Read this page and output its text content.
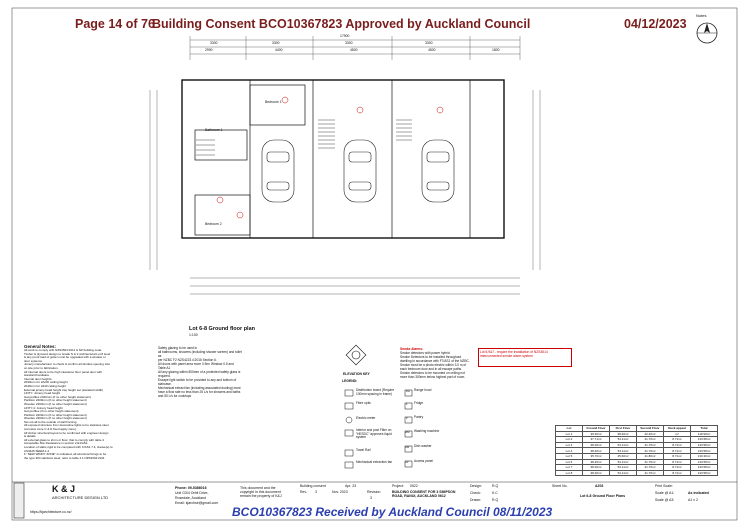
Page 14 of 76
Building Consent BCO10367823 Approved by Auckland Council	04/12/2023
Notes
17900
3300	3300	3300	3300
2990	4400	4500	4500	1800
Bedroom 1
Bathroom 1
Bedroom 2
Lot 6-8 Ground floor plan
1:100
General Notes:
All work to comply with NZS3604:2011 & NZ building code.
Timber & plywood design to Grade N & 2 architectural Lot 8 level
& any proof load of gutter must be upgraded with a window or
door systems.
Joinery manufacturer to check & confirm all window opening size
on site prior to fabrication.
All internal doors to be high clearance floor panel door with
standard hardware.
Internal door heights:
2040mm for 2A/2D ceiling height
2040mm for 2440 ceiling height
External joinery head height tray height set (standard width)
LINTY: Joinery head height
Gel-profiles 2340mm (if no other height statement)
Partition 2200mm (if no other height statement)
Wooden 2200mm (if no other height statement)
LINTY-4: Joinery head height
Gel-profiles (if no other height statement)
Partition 2200mm (if no other height statement)
Wooden 2200mm (if no other height statement)
Set out all to the outside of wall framing
All exposed structure from decorative lights to be stainless steel
corrosive zone C & D fixed apply zone).
All timber structural layout to be confirmed with engineer design
& details.
All external glass to 2mm or floor, that to comply with table 4
Acceptable Site Resistance in section 2 E1/AS1.
Location of slabs rigid to be compared with C/AS1 7.4, clause(e) to
AS4426 SEEM-1.2
F "NEW WINDY ZONE" is indicated, all structural fixings to be
the type 304 stainless steel, refer to table 4.1 NZS3604:2011
Safety glazing to be used in
all bathrooms, showers (including shower screen) and toilet as
per NZBC F2 NZS4223.4:2016 Section 6.
All doors with panel area more 0.5m² Window 0.5 and
Table A1
All any glazing within 800mm of a protected safety glass is
required.
Escape light switch to be provided to any and bottom of
staircase.
Mechanical extract fan (including associated ducting) must
have a flow rate no less than 25 L/s for showers and baths
and 50 L/s for cooktops
ELEVATION KEY
LEGEND:
Distribution board (Require 100mm spacing in frame)
Range hood
Fibre optic	Fridge
Electric meter	Pantry
Interior and post Filter on "HESDC" approves liquid system
Washing machine
Dish washer
Towel Rail
Mechanical extraction fan	Access panel
RH
F
P
WM
DW
AP
Smoke Alarms:
Smoke detectors with power hybrid
Smoke Detectors to be installed throughout
dwelling in accordance with F7/AS1 of the NZBC.
Smoke must be a photo electric within 3.0 m of
each bedroom door and in all escape paths.
Smoke detectors to be mounted on ceiling not
more than 300mm below highest part of room.
Lot 6,9&7 - require the installation of NZS4514 interconnected smoke alarm system
Lot	Ground Floor	First Floor	Second Floor	Deck appeal	Total
Lot 1	39.30m²	38.40m²	42.20m²	m²	119.90m²
Lot 2	37.71m²	54.11m²	41.76m²	8.71m²	133.58m²
Lot 3	38.20m²	54.11m²	41.76m²	8.71m²	133.58m²
Lot 4	38.20m²	54.11m²	41.76m²	8.71m²	133.58m²
Lot 5	35.70m²	45.60m²	41.80m²	8.71m²	130.30m²
Lot 6	38.20m²	54.11m²	41.76m²	8.71m²	133.58m²
Lot 7	38.20m²	54.11m²	41.76m²	8.71m²	133.58m²
Lot 8	38.20m²	54.11m²	41.76m²	8.71m²	133.58m²
K & J
ARCHITECTURE DESIGN LTD
https://kjarchitecture.co.nz/
Phone: 09-5386016
Unit G3/4 Orbit Drive,
Rosedale, Auckland
Email: kjarchse@gmail.com
This document and the copyright in this document remain the property of K&J
Building consent	Apr. 23
Rev. 3	Nov. 2023	Revision
3
Project: 0522
BUILDING CONSENT FOR 3 SIMPSON ROAD, RANUI, AUCKLAND 0612
Design:	R.Q
Check:	K.C
Drawn:	R.Q
Sheet No.	A203
Lot 6-8 Ground Floor Plans
Print Scale:
Scale @ A1:	As indicated
Scale @ A3:	A1 x 2
BCO10367823 Received by Auckland Council 08/11/2023
